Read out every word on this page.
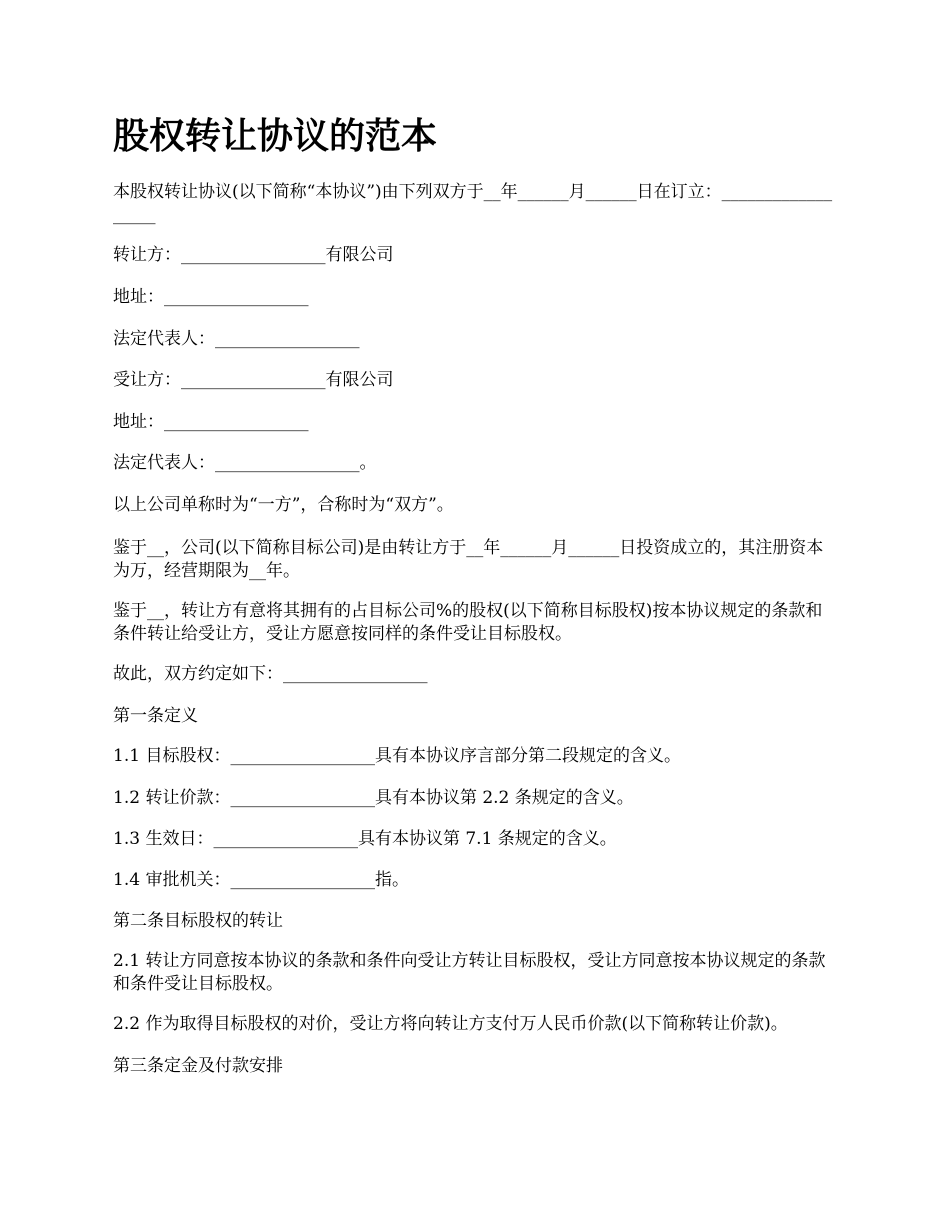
股权转让协议的范本

本股权转让协议(以下简称“本协议”)由下列双方于__年______月______日在订立：__________________

转让方：_________________有限公司

地址：_________________

法定代表人：_________________

受让方：_________________有限公司

地址：_________________

法定代表人：_________________。

以上公司单称时为“一方”，合称时为“双方”。

鉴于__，公司(以下简称目标公司)是由转让方于__年______月______日投资成立的，其注册资本为万，经营期限为__年。

鉴于__，转让方有意将其拥有的占目标公司%的股权(以下简称目标股权)按本协议规定的条款和条件转让给受让方，受让方愿意按同样的条件受让目标股权。

故此，双方约定如下：_________________

第一条定义

1.1 目标股权：_________________具有本协议序言部分第二段规定的含义。

1.2 转让价款：_________________具有本协议第 2.2 条规定的含义。

1.3 生效日：_________________具有本协议第 7.1 条规定的含义。

1.4 审批机关：_________________指。

第二条目标股权的转让

2.1 转让方同意按本协议的条款和条件向受让方转让目标股权，受让方同意按本协议规定的条款和条件受让目标股权。

2.2 作为取得目标股权的对价，受让方将向转让方支付万人民币价款(以下简称转让价款)。

第三条定金及付款安排
